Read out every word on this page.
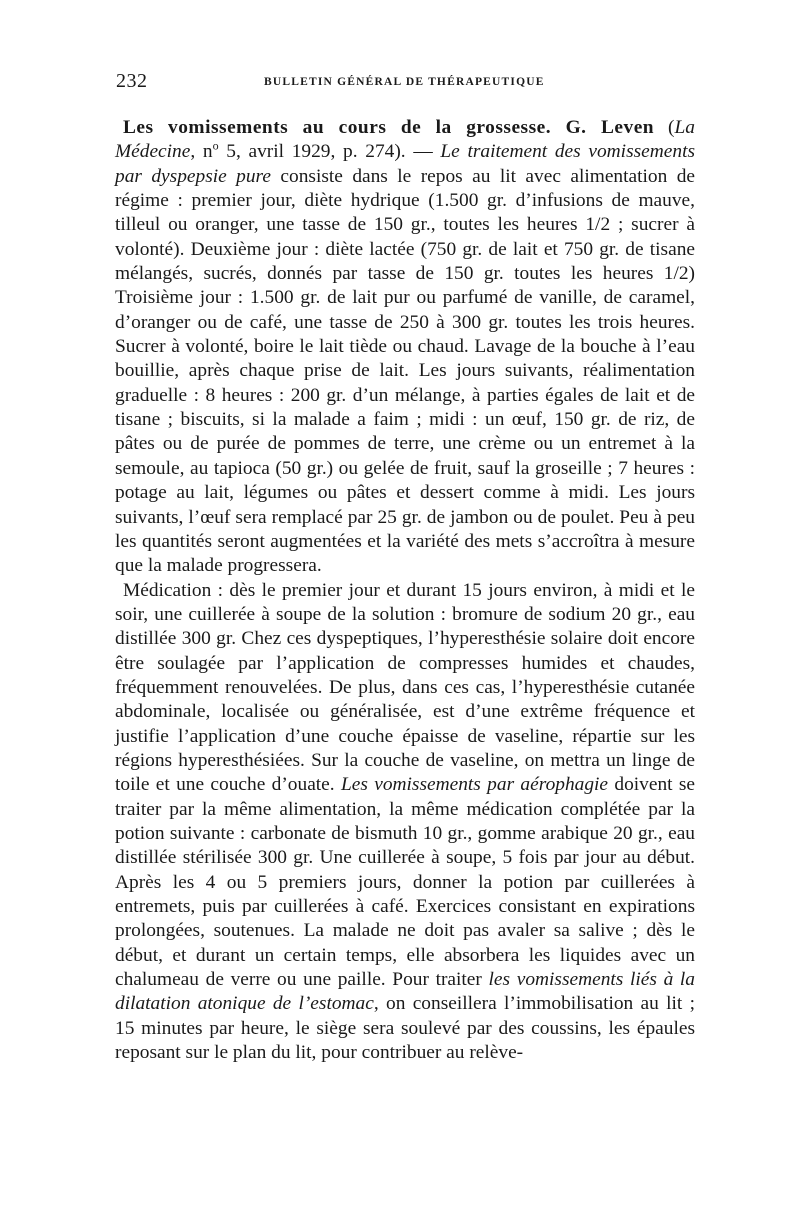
232	BULLETIN GÉNÉRAL DE THÉRAPEUTIQUE

Les vomissements au cours de la grossesse. G. Leven (La Médecine, $n^o$ 5, avril 1929, p. 274). — Le traitement des vomissements par dyspepsie pure consiste dans le repos au lit avec alimentation de régime : premier jour, diète hydrique (1.500 gr. d’infusions de mauve, tilleul ou oranger, une tasse de 150 gr., toutes les heures 1/2 ; sucrer à volonté). Deuxième jour : diète lactée (750 gr. de lait et 750 gr. de tisane mélangés, sucrés, donnés par tasse de 150 gr. toutes les heures 1/2) Troisième jour : 1.500 gr. de lait pur ou parfumé de vanille, de caramel, d’oranger ou de café, une tasse de 250 à 300 gr. toutes les trois heures. Sucrer à volonté, boire le lait tiède ou chaud. Lavage de la bouche à l’eau bouillie, après chaque prise de lait. Les jours suivants, réalimentation graduelle : 8 heures : 200 gr. d’un mélange, à parties égales de lait et de tisane ; biscuits, si la malade a faim ; midi : un œuf, 150 gr. de riz, de pâtes ou de purée de pommes de terre, une crème ou un entremet à la semoule, au tapioca (50 gr.) ou gelée de fruit, sauf la groseille ; 7 heures : potage au lait, légumes ou pâtes et dessert comme à midi. Les jours suivants, l’œuf sera remplacé par 25 gr. de jambon ou de poulet. Peu à peu les quantités seront augmentées et la variété des mets s’accroîtra à mesure que la malade progressera.

Médication : dès le premier jour et durant 15 jours environ, à midi et le soir, une cuillerée à soupe de la solution : bromure de sodium 20 gr., eau distillée 300 gr. Chez ces dyspeptiques, l’hyperesthésie solaire doit encore être soulagée par l’application de compresses humides et chaudes, fréquemment renouvelées. De plus, dans ces cas, l’hyperesthésie cutanée abdominale, localisée ou généralisée, est d’une extrême fréquence et justifie l’application d’une couche épaisse de vaseline, répartie sur les régions hyperesthésiées. Sur la couche de vaseline, on mettra un linge de toile et une couche d’ouate. Les vomissements par aérophagie doivent se traiter par la même alimentation, la même médication complétée par la potion suivante : carbonate de bismuth 10 gr., gomme arabique 20 gr., eau distillée stérilisée 300 gr. Une cuillerée à soupe, 5 fois par jour au début. Après les 4 ou 5 premiers jours, donner la potion par cuillerées à entremets, puis par cuillerées à café. Exercices consistant en expirations prolongées, soutenues. La malade ne doit pas avaler sa salive ; dès le début, et durant un certain temps, elle absorbera les liquides avec un chalumeau de verre ou une paille. Pour traiter les vomissements liés à la dilatation atonique de l’estomac, on conseillera l’immobilisation au lit ; 15 minutes par heure, le siège sera soulevé par des coussins, les épaules reposant sur le plan du lit, pour contribuer au relève-
